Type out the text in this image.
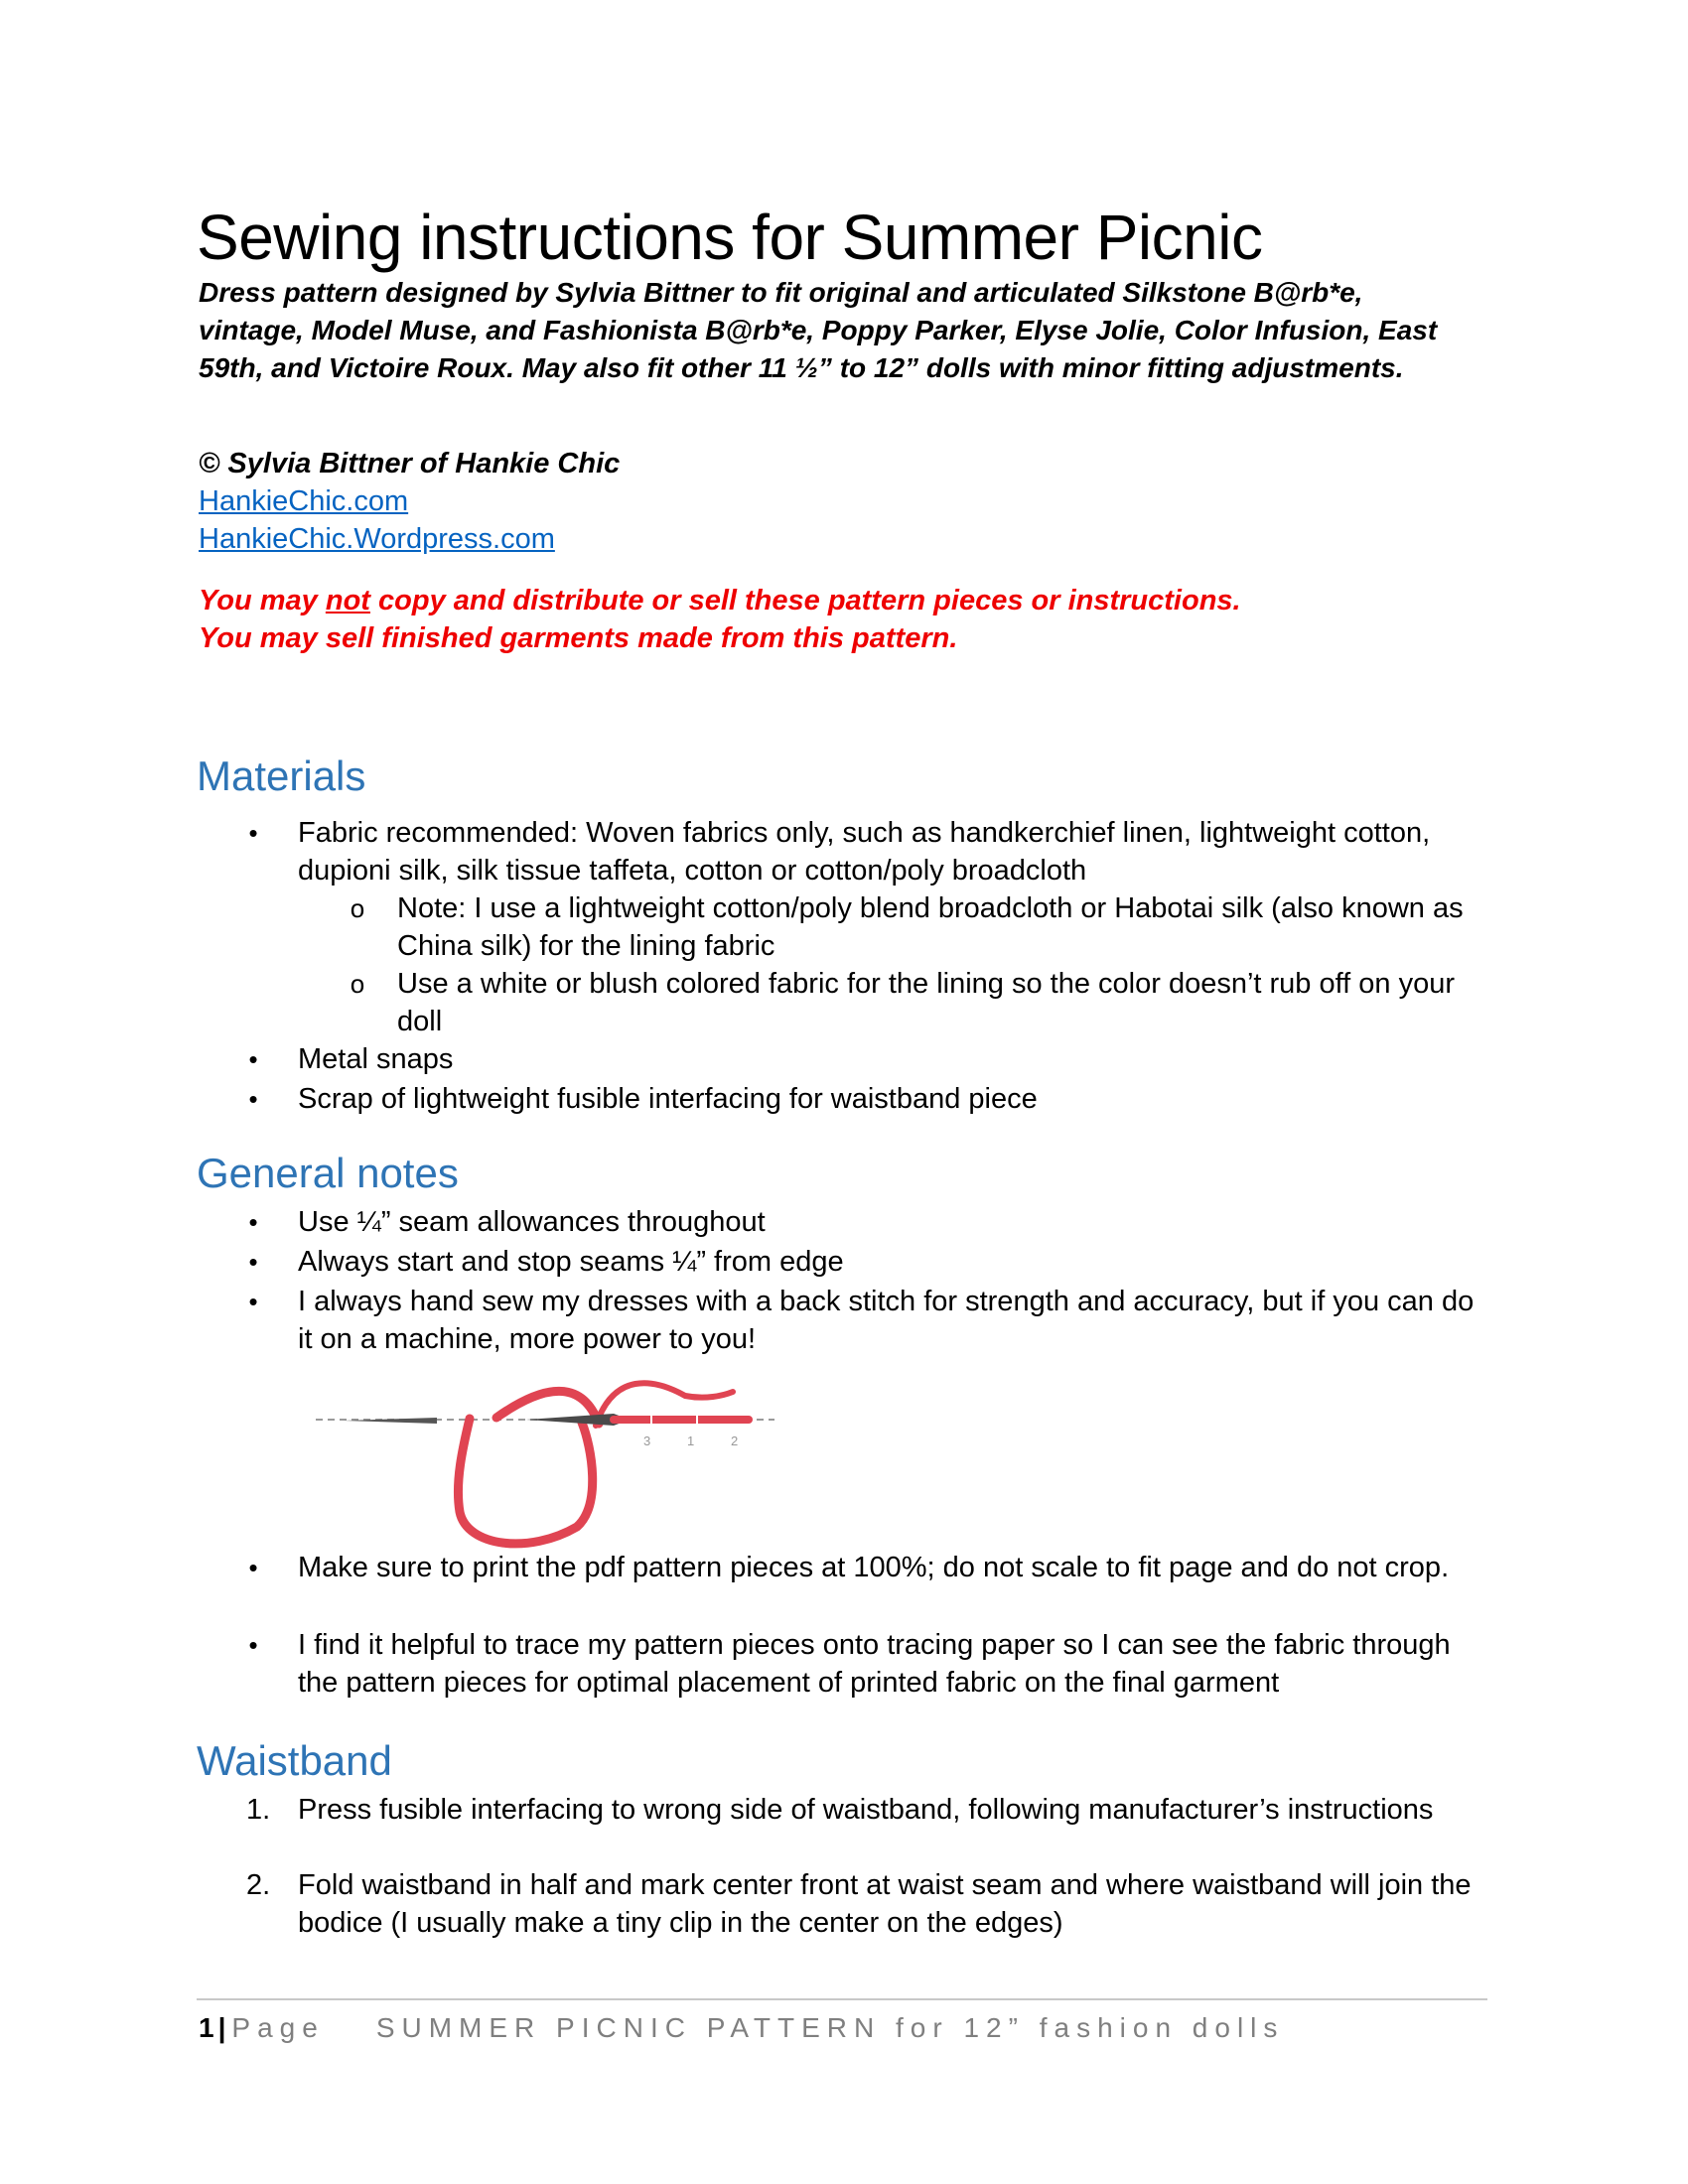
Sewing instructions for Summer Picnic

Dress pattern designed by Sylvia Bittner to fit original and articulated Silkstone B@rb*e, vintage, Model Muse, and Fashionista B@rb*e, Poppy Parker, Elyse Jolie, Color Infusion, East 59th, and Victoire Roux. May also fit other 11 ½” to 12” dolls with minor fitting adjustments.

© Sylvia Bittner of Hankie Chic

HankieChic.com
HankieChic.Wordpress.com

You may not copy and distribute or sell these pattern pieces or instructions.

You may sell finished garments made from this pattern.

Materials
• Fabric recommended: Woven fabrics only, such as handkerchief linen, lightweight cotton, dupioni silk, silk tissue taffeta, cotton or cotton/poly broadcloth

o Note: I use a lightweight cotton/poly blend broadcloth or Habotai silk (also known as China silk) for the lining fabric

o Use a white or blush colored fabric for the lining so the color doesn’t rub off on your doll

• Metal snaps

• Scrap of lightweight fusible interfacing for waistband piece

General notes
• Use ¼” seam allowances throughout

• Always start and stop seams ¼” from edge

• I always hand sew my dresses with a back stitch for strength and accuracy, but if you can do it on a machine, more power to you!

3	1	2
• Make sure to print the pdf pattern pieces at 100%; do not scale to fit page and do not crop.

• I find it helpful to trace my pattern pieces onto tracing paper so I can see the fabric through the pattern pieces for optimal placement of printed fabric on the final garment

Waistband
1. Press fusible interfacing to wrong side of waistband, following manufacturer’s instructions

2. Fold waistband in half and mark center front at waist seam and where waistband will join the bodice (I usually make a tiny clip in the center on the edges)

1 | Page SUMMER PICNIC PATTERN for 12” fashion dolls
